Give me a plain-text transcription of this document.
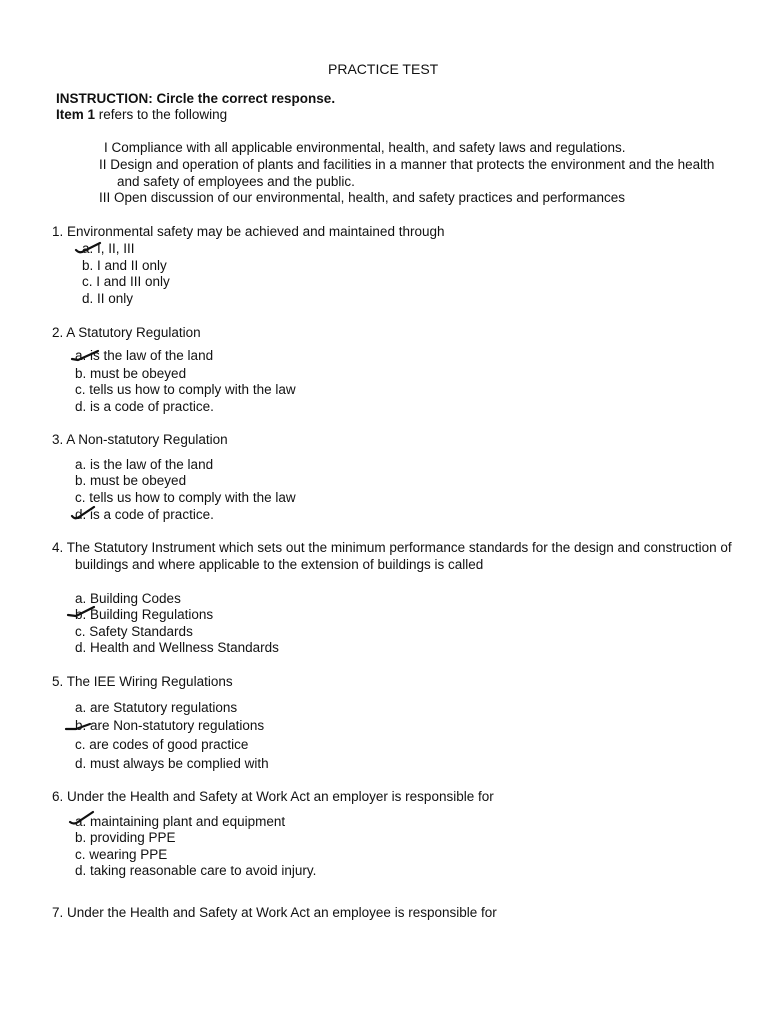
PRACTICE TEST
INSTRUCTION: Circle the correct response.
Item 1 refers to the following
I Compliance with all applicable environmental, health, and safety laws and regulations.
II Design and operation of plants and facilities in a manner that protects the environment and the health
and safety of employees and the public.
III Open discussion of our environmental, health, and safety practices and performances
1. Environmental safety may be achieved and maintained through
a. I, II, III
b. I and II only
c. I and III only
d. II only
2. A Statutory Regulation
a. is the law of the land
b. must be obeyed
c. tells us how to comply with the law
d. is a code of practice.
3. A Non-statutory Regulation
a. is the law of the land
b. must be obeyed
c. tells us how to comply with the law
d. is a code of practice.
4. The Statutory Instrument which sets out the minimum performance standards for the design and construction of
buildings and where applicable to the extension of buildings is called
a. Building Codes
b. Building Regulations
c. Safety Standards
d. Health and Wellness Standards
5. The IEE Wiring Regulations
a. are Statutory regulations
b. are Non-statutory regulations
c. are codes of good practice
d. must always be complied with
6. Under the Health and Safety at Work Act an employer is responsible for
a. maintaining plant and equipment
b. providing PPE
c. wearing PPE
d. taking reasonable care to avoid injury.
7. Under the Health and Safety at Work Act an employee is responsible for
